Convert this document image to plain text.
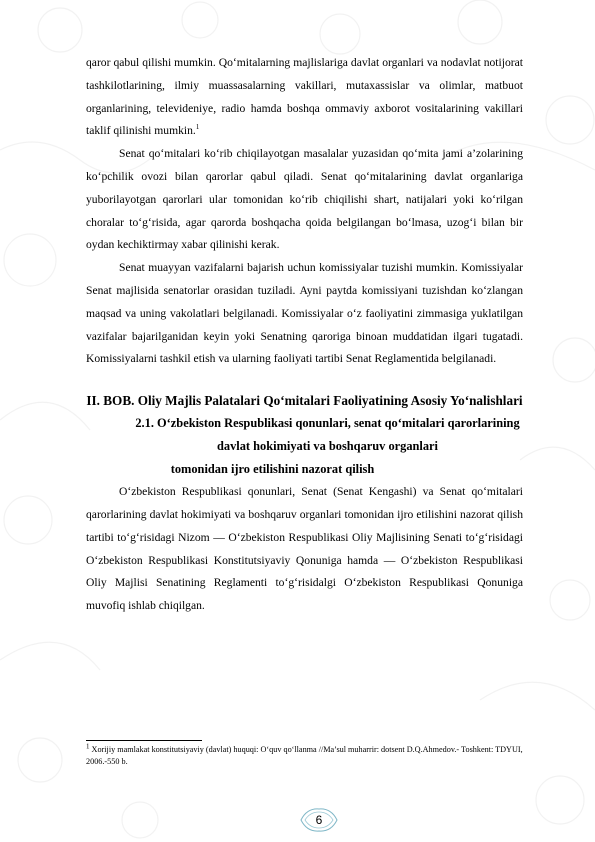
qaror qabul qilishi mumkin. Qo‘mitalarning majlislariga davlat organlari va nodavlat notijorat tashkilotlarining, ilmiy muassasalarning vakillari, mutaxassislar va olimlar, matbuot organlarining, televideniye, radio hamda boshqa ommaviy axborot vositalarining vakillari taklif qilinishi mumkin.$^1$

Senat qo‘mitalari ko‘rib chiqilayotgan masalalar yuzasidan qo‘mita jami a’zolarining ko‘pchilik ovozi bilan qarorlar qabul qiladi. Senat qo‘mitalarining davlat organlariga yuborilayotgan qarorlari ular tomonidan ko‘rib chiqilishi shart, natijalari yoki ko‘rilgan choralar to‘g‘risida, agar qarorda boshqacha qoida belgilangan bo‘lmasa, uzog‘i bilan bir oydan kechiktirmay xabar qilinishi kerak.

Senat muayyan vazifalarni bajarish uchun komissiyalar tuzishi mumkin. Komissiyalar Senat majlisida senatorlar orasidan tuziladi. Ayni paytda komissiyani tuzishdan ko‘zlangan maqsad va uning vakolatlari belgilanadi. Komissiyalar o‘z faoliyatini zimmasiga yuklatilgan vazifalar bajarilganidan keyin yoki Senatning qaroriga binoan muddatidan ilgari tugatadi. Komissiyalarni tashkil etish va ularning faoliyati tartibi Senat Reglamentida belgilanadi.

II. BOB. Oliy Majlis Palatalari Qo‘mitalari Faoliyatining Asosiy Yo‘nalishlari
2.1. O‘zbekiston Respublikasi qonunlari, senat qo‘mitalari qarorlarining davlat hokimiyati va boshqaruv organlari
tomonidan ijro etilishini nazorat qilish

O‘zbekiston Respublikasi qonunlari, Senat (Senat Kengashi) va Senat qo‘mitalari qarorlarining davlat hokimiyati va boshqaruv organlari tomonidan ijro etilishini nazorat qilish tartibi to‘g‘risidagi Nizom — O‘zbekiston Respublikasi Oliy Majlisining Senati to‘g‘risidagi O‘zbekiston Respublikasi Konstitutsiyaviy Qonuniga hamda — O‘zbekiston Respublikasi Oliy Majlisi Senatining Reglamenti to‘g‘risidalgi O‘zbekiston Respublikasi Qonuniga muvofiq ishlab chiqilgan.

$^1$ Xorijiy mamlakat konstitutsiyaviy (davlat) huquqi: O‘quv qo‘llanma //Ma’sul muharrir: dotsent D.Q.Ahmedov.- Toshkent: TDYUI, 2006.-550 b.
6
